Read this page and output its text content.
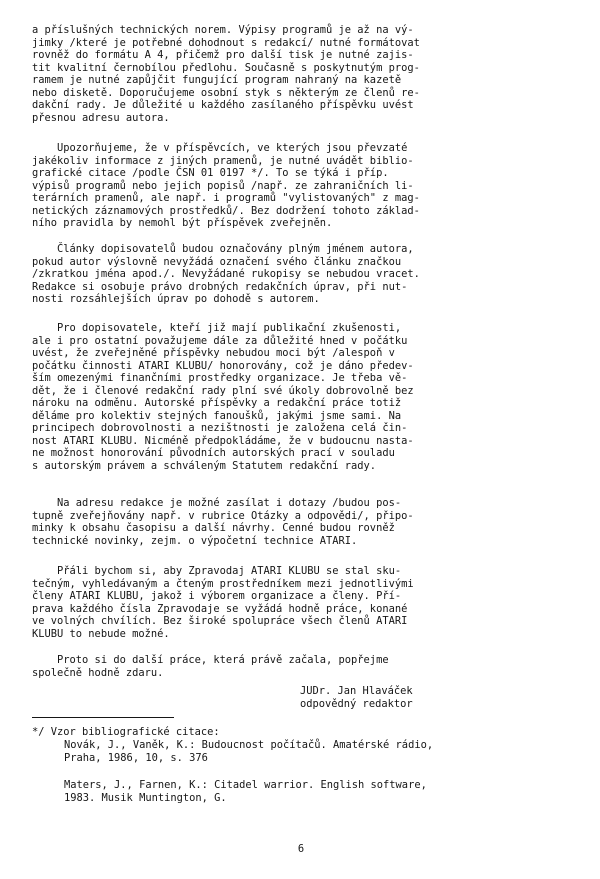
a příslušných technických norem. Výpisy programů je až na vý-
jimky /které je potřebné dohodnout s redakcí/ nutné formátovat
rovněž do formátu A 4, přičemž pro další tisk je nutné zajis-
tit kvalitní černobílou předlohu. Současně s poskytnutým prog-
ramem je nutné zapůjčit fungující program nahraný na kazetě
nebo disketě. Doporučujeme osobní styk s některým ze členů re-
dakční rady. Je důležité u každého zasílaného příspěvku uvést
přesnou adresu autora.
Upozorňujeme, že v příspěvcích, ve kterých jsou převzaté
jakékoliv informace z jiných pramenů, je nutné uvádět biblio-
grafické citace /podle ČSN 01 0197 */. To se týká i příp.
výpisů programů nebo jejich popisů /např. ze zahraničních li-
terárních pramenů, ale např. i programů "vylistovaných" z mag-
netických záznamových prostředků/. Bez dodržení tohoto základ-
ního pravidla by nemohl být příspěvek zveřejněn.
Články dopisovatelů budou označovány plným jménem autora,
pokud autor výslovně nevyžádá označení svého článku značkou
/zkratkou jména apod./. Nevyžádané rukopisy se nebudou vracet.
Redakce si osobuje právo drobných redakčních úprav, při nut-
nosti rozsáhlejších úprav po dohodě s autorem.
Pro dopisovatele, kteří již mají publikační zkušenosti,
ale i pro ostatní považujeme dále za důležité hned v počátku
uvést, že zveřejněné příspěvky nebudou moci být /alespoň v
počátku činnosti ATARI KLUBU/ honorovány, což je dáno předev-
ším omezenými finančními prostředky organizace. Je třeba vě-
dět, že i členové redakční rady plní své úkoly dobrovolně bez
nároku na odměnu. Autorské příspěvky a redakční práce totiž
děláme pro kolektiv stejných fanoušků, jakými jsme sami. Na
principech dobrovolnosti a nezištnosti je založena celá čin-
nost ATARI KLUBU. Nicméně předpokládáme, že v budoucnu nasta-
ne možnost honorování původních autorských prací v souladu
s autorským právem a schváleným Statutem redakční rady.
Na adresu redakce je možné zasílat i dotazy /budou pos-
tupně zveřejňovány např. v rubrice Otázky a odpovědi/, připo-
minky k obsahu časopisu a další návrhy. Cenné budou rovněž
technické novinky, zejm. o výpočetní technice ATARI.
Přáli bychom si, aby Zpravodaj ATARI KLUBU se stal sku-
tečným, vyhledávaným a čteným prostředníkem mezi jednotlivými
členy ATARI KLUBU, jakož i výborem organizace a členy. Pří-
prava každého čísla Zpravodaje se vyžádá hodně práce, konané
ve volných chvílích. Bez široké spolupráce všech členů ATARI
KLUBU to nebude možné.
Proto si do další práce, která právě začala, popřejme
společně hodně zdaru.
JUDr. Jan Hlaváček
odpovědný redaktor
*/ Vzor bibliografické citace:
Novák, J., Vaněk, K.: Budoucnost počítačů. Amatérské rádio,
Praha, 1986, 10, s. 376
Maters, J., Farnen, K.: Citadel warrior. English software,
1983. Musik Muntington, G.
6
